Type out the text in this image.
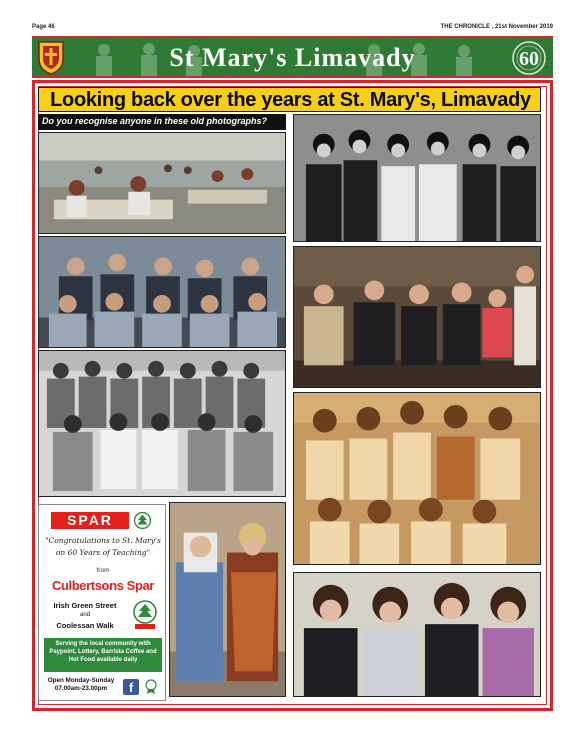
Page 46	THE CHRONICLE , 21st November 2019
St Mary's Limavady	60
Looking back over the years at St. Mary's, Limavady
Do you recognise anyone in these old photographs?
SPAR
"Congratulations to St. Mary's on 60 Years of Teaching"
from
Culbertsons Spar
Irish Green Street
and
Coolessan Walk
Serving the local community with Paypoint, Lottery, Barrista Coffee and Hot Food available daily
Open Monday-Sunday
07.00am-23.00pm	f
